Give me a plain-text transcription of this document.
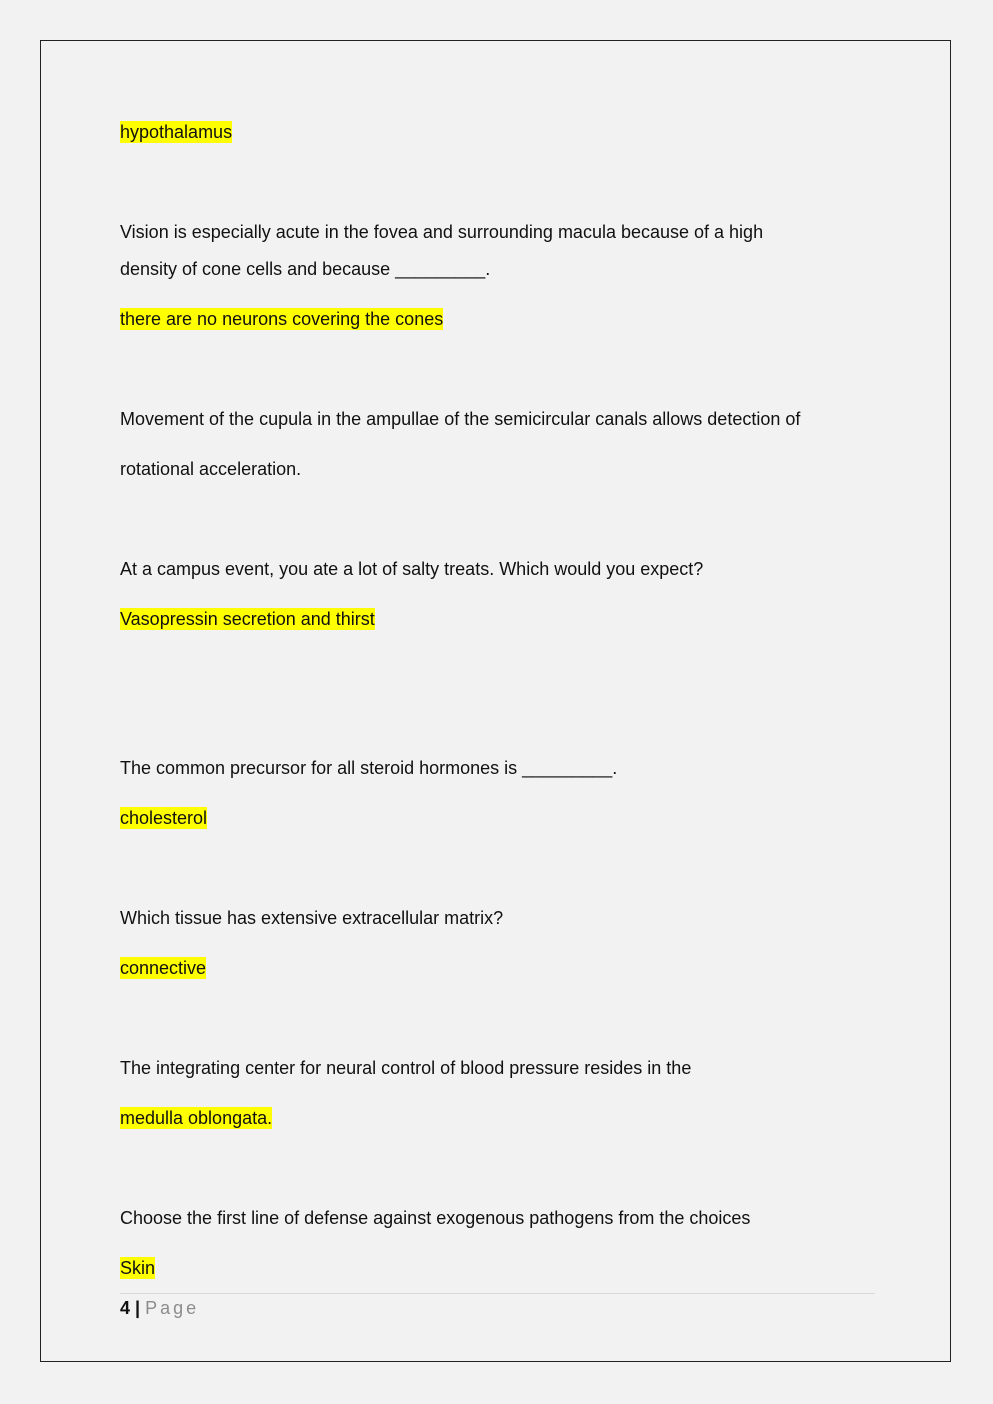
hypothalamus

Vision is especially acute in the fovea and surrounding macula because of a high

density of cone cells and because _________.

there are no neurons covering the cones

Movement of the cupula in the ampullae of the semicircular canals allows detection of

rotational acceleration.

At a campus event, you ate a lot of salty treats. Which would you expect?

Vasopressin secretion and thirst

The common precursor for all steroid hormones is _________.

cholesterol

Which tissue has extensive extracellular matrix?

connective

The integrating center for neural control of blood pressure resides in the

medulla oblongata.

Choose the first line of defense against exogenous pathogens from the choices

Skin

4 | Page
